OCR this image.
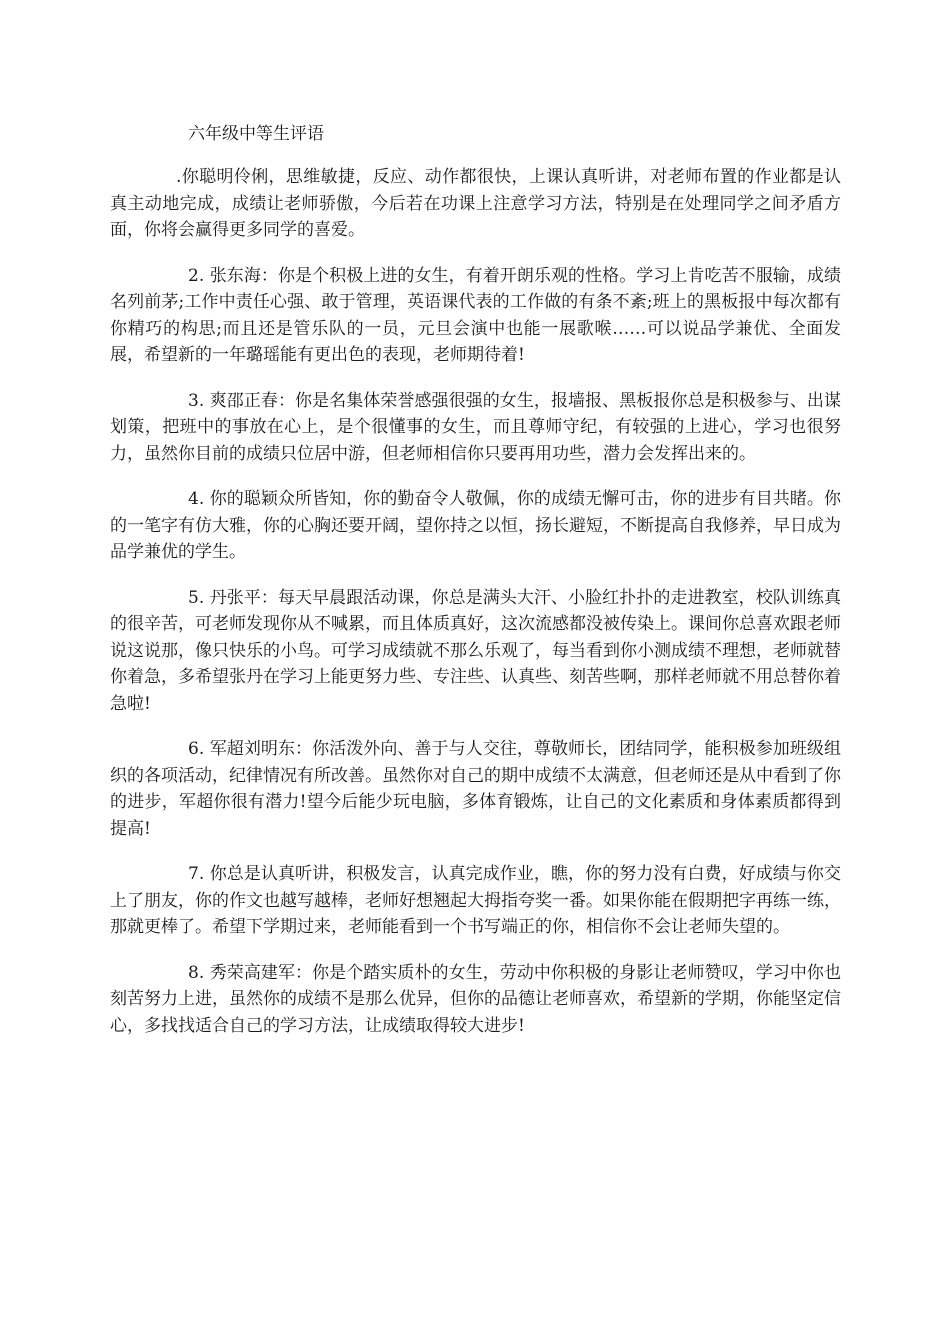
六年级中等生评语

.你聪明伶俐，思维敏捷，反应、动作都很快，上课认真听讲，对老师布置的作业都是认真主动地完成，成绩让老师骄傲，今后若在功课上注意学习方法，特别是在处理同学之间矛盾方面，你将会赢得更多同学的喜爱。

2. 张东海：你是个积极上进的女生，有着开朗乐观的性格。学习上肯吃苦不服输，成绩名列前茅;工作中责任心强、敢于管理，英语课代表的工作做的有条不紊;班上的黑板报中每次都有你精巧的构思;而且还是管乐队的一员，元旦会演中也能一展歌喉……可以说品学兼优、全面发展，希望新的一年璐瑶能有更出色的表现，老师期待着!

3. 爽邵正春：你是名集体荣誉感强很强的女生，报墙报、黑板报你总是积极参与、出谋划策，把班中的事放在心上，是个很懂事的女生，而且尊师守纪，有较强的上进心，学习也很努力，虽然你目前的成绩只位居中游，但老师相信你只要再用功些，潜力会发挥出来的。

4. 你的聪颖众所皆知，你的勤奋令人敬佩，你的成绩无懈可击，你的进步有目共睹。你的一笔字有仿大雅，你的心胸还要开阔，望你持之以恒，扬长避短，不断提高自我修养，早日成为品学兼优的学生。

5. 丹张平：每天早晨跟活动课，你总是满头大汗、小脸红扑扑的走进教室，校队训练真的很辛苦，可老师发现你从不喊累，而且体质真好，这次流感都没被传染上。课间你总喜欢跟老师说这说那，像只快乐的小鸟。可学习成绩就不那么乐观了，每当看到你小测成绩不理想，老师就替你着急，多希望张丹在学习上能更努力些、专注些、认真些、刻苦些啊，那样老师就不用总替你着急啦!

6. 军超刘明东：你活泼外向、善于与人交往，尊敬师长，团结同学，能积极参加班级组织的各项活动，纪律情况有所改善。虽然你对自己的期中成绩不太满意，但老师还是从中看到了你的进步，军超你很有潜力!望今后能少玩电脑，多体育锻炼，让自己的文化素质和身体素质都得到提高!

7. 你总是认真听讲，积极发言，认真完成作业，瞧，你的努力没有白费，好成绩与你交上了朋友，你的作文也越写越棒，老师好想翘起大拇指夸奖一番。如果你能在假期把字再练一练，那就更棒了。希望下学期过来，老师能看到一个书写端正的你，相信你不会让老师失望的。

8. 秀荣高建军：你是个踏实质朴的女生，劳动中你积极的身影让老师赞叹，学习中你也刻苦努力上进，虽然你的成绩不是那么优异，但你的品德让老师喜欢，希望新的学期，你能坚定信心，多找找适合自己的学习方法，让成绩取得较大进步!
